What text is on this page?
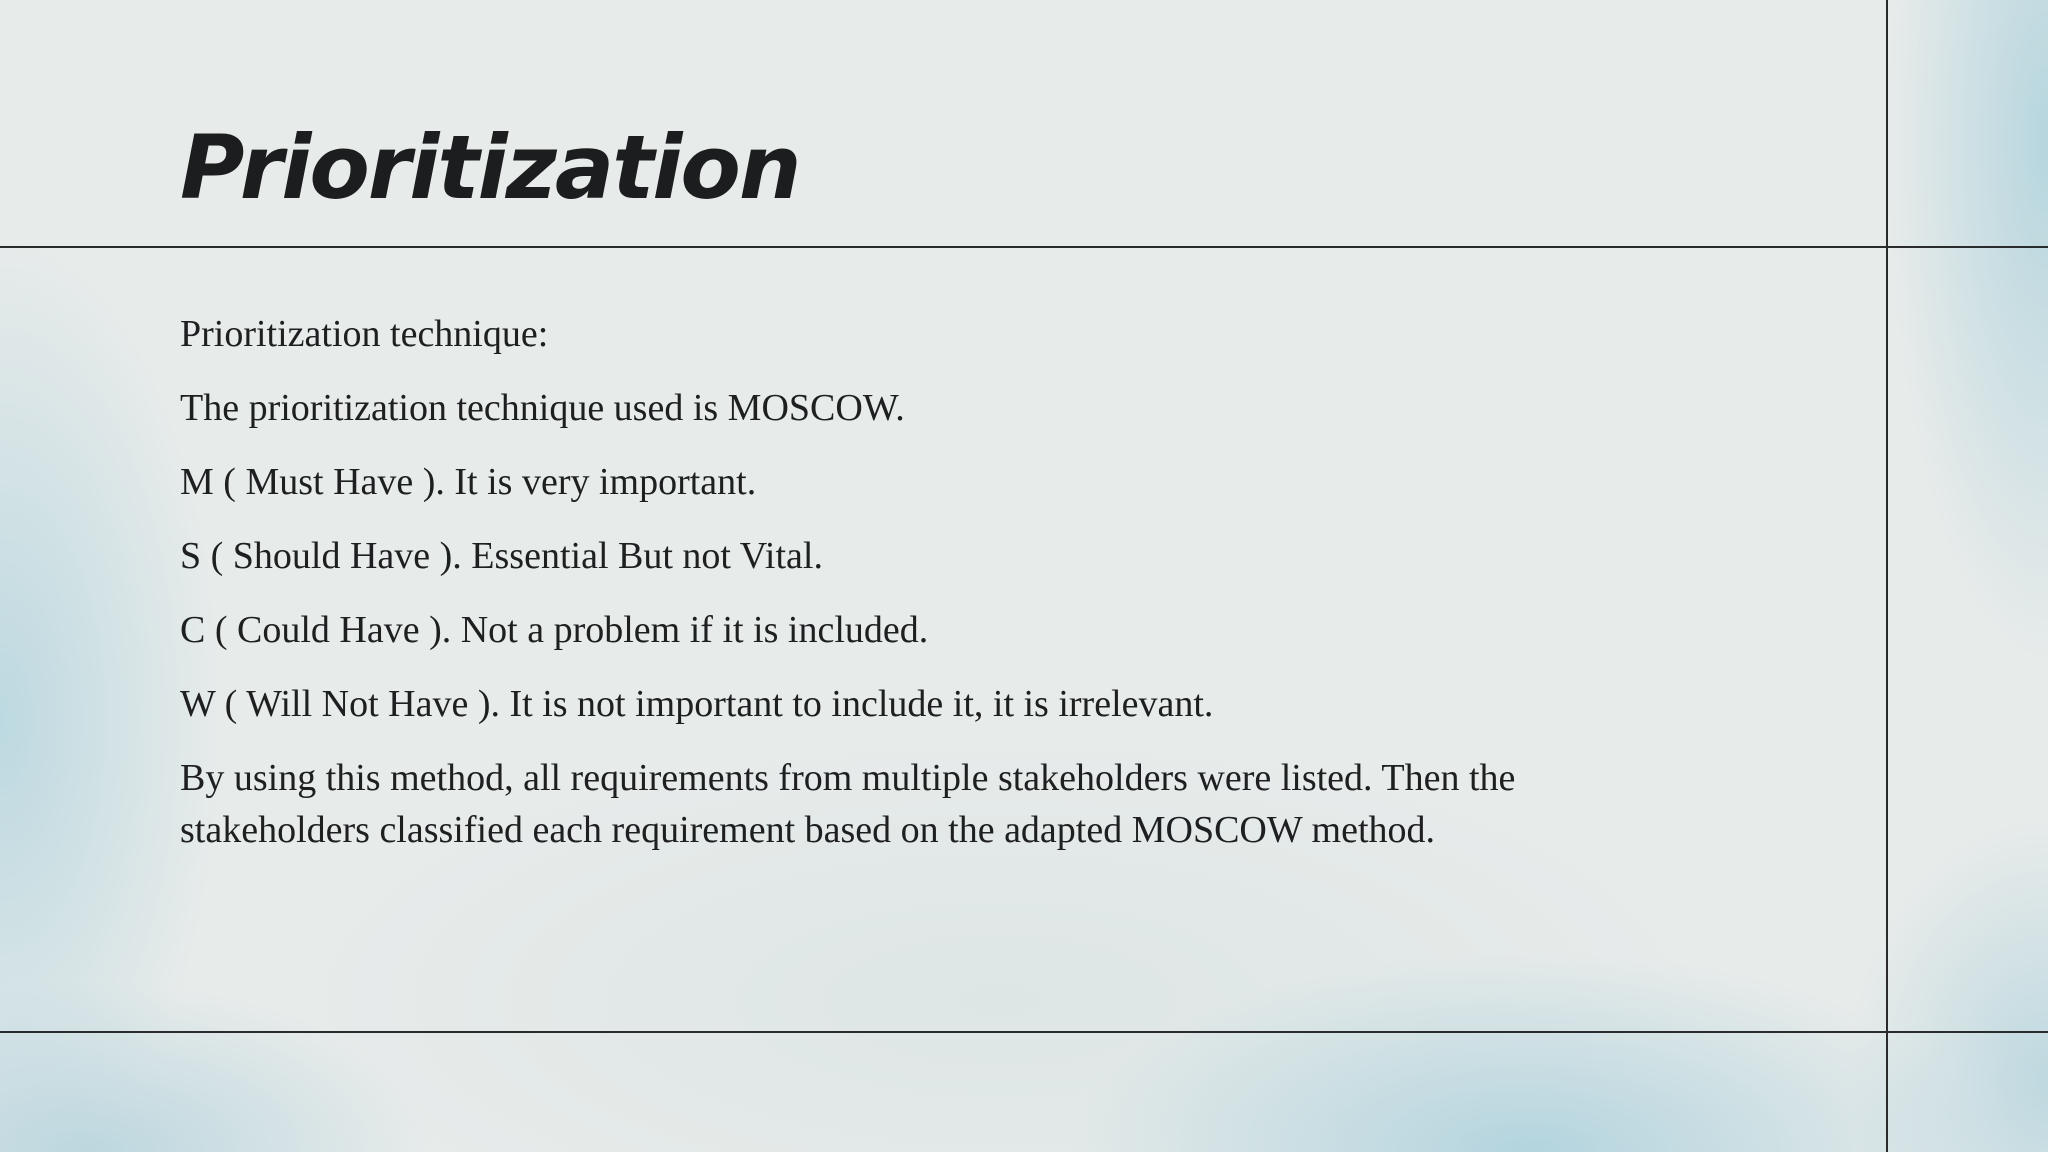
Prioritization

Prioritization technique:

The prioritization technique used is MOSCOW.

M ( Must Have ). It is very important.

S ( Should Have ). Essential But not Vital.

C ( Could Have ). Not a problem if it is included.

W ( Will Not Have ). It is not important to include it, it is irrelevant.

By using this method, all requirements from multiple stakeholders were listed. Then the stakeholders classified each requirement based on the adapted MOSCOW method.
